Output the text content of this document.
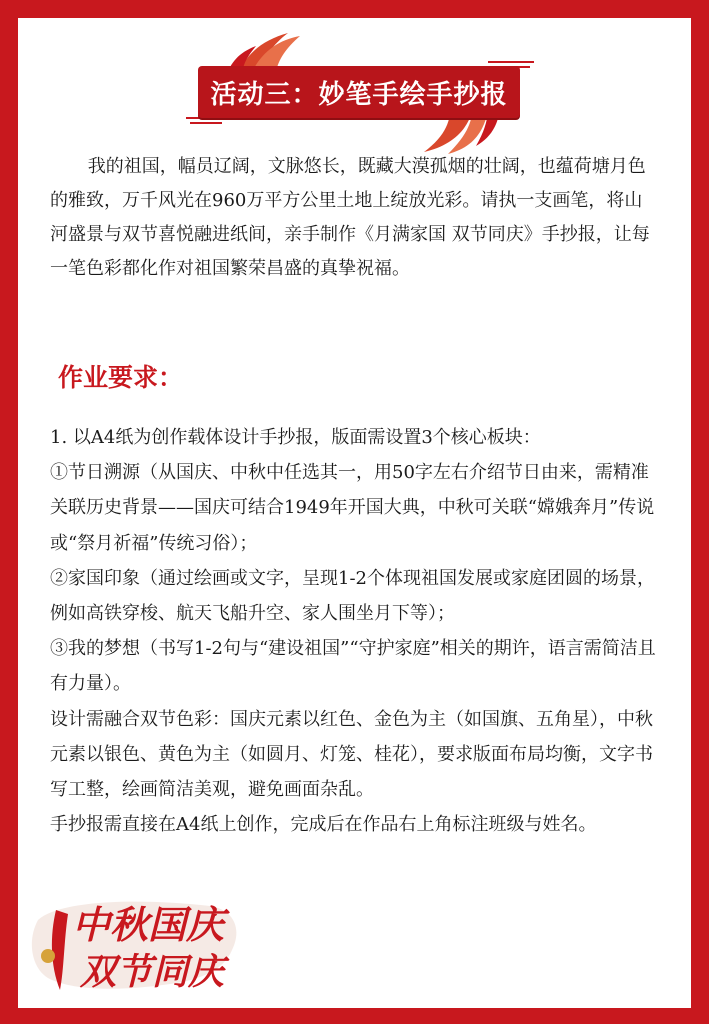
活动三：妙笔手绘手抄报
我的祖国，幅员辽阔，文脉悠长，既藏大漠孤烟的壮阔，也蕴荷塘月色的雅致，万千风光在960万平方公里土地上绽放光彩。请执一支画笔，将山河盛景与双节喜悦融进纸间，亲手制作《月满家国 双节同庆》手抄报，让每一笔色彩都化作对祖国繁荣昌盛的真挚祝福。
作业要求：

1. 以A4纸为创作载体设计手抄报，版面需设置3个核心板块：

①节日溯源（从国庆、中秋中任选其一，用50字左右介绍节日由来，需精准关联历史背景——国庆可结合1949年开国大典，中秋可关联“嫦娥奔月”传说或“祭月祈福”传统习俗）；

②家国印象（通过绘画或文字，呈现1-2个体现祖国发展或家庭团圆的场景，例如高铁穿梭、航天飞船升空、家人围坐月下等）；

③我的梦想（书写1-2句与“建设祖国”“守护家庭”相关的期许，语言需简洁且有力量）。

设计需融合双节色彩：国庆元素以红色、金色为主（如国旗、五角星），中秋元素以银色、黄色为主（如圆月、灯笼、桂花），要求版面布局均衡，文字书写工整，绘画简洁美观，避免画面杂乱。

手抄报需直接在A4纸上创作，完成后在作品右上角标注班级与姓名。

中秋国庆
双节同庆
